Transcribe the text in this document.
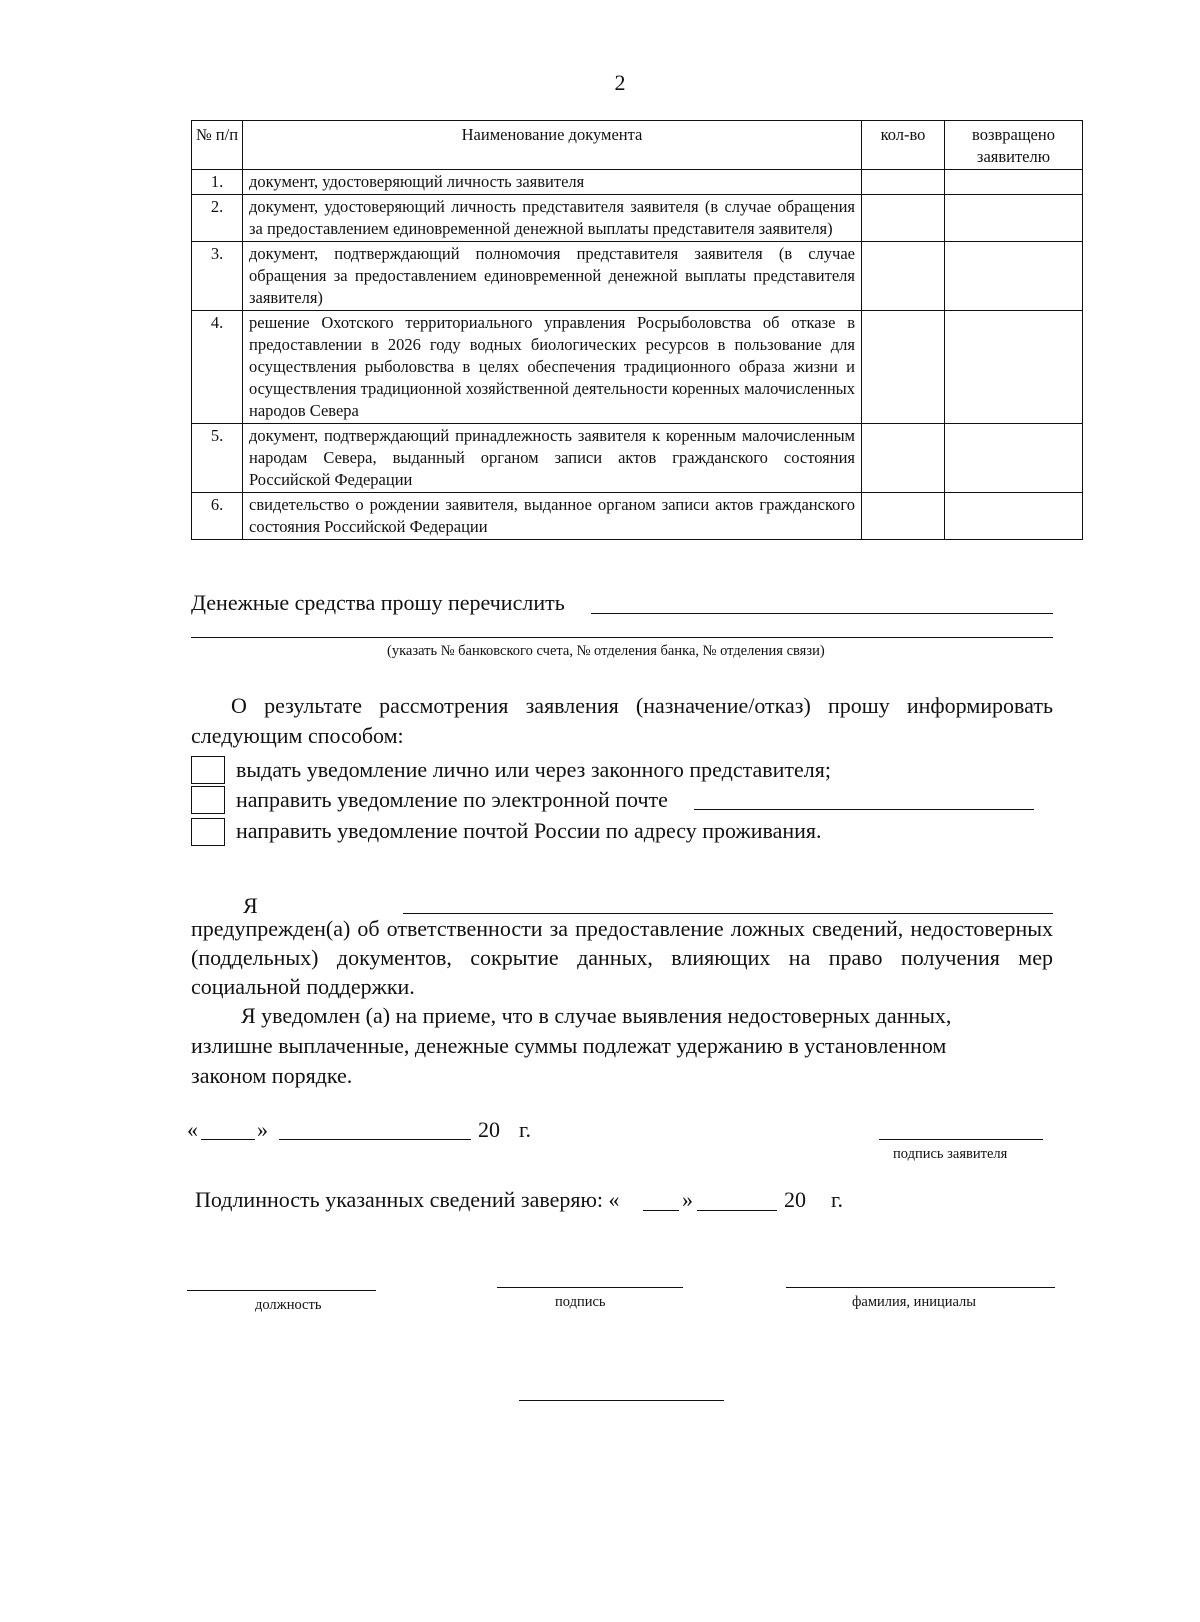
2
№ п/п	Наименование документа	кол-во	возвращено заявителю
1.	документ, удостоверяющий личность заявителя		
2.	документ, удостоверяющий личность представителя заявителя (в случае обращения за предоставлением единовременной денежной выплаты представителя заявителя)		
3.	документ, подтверждающий полномочия представителя заявителя (в случае обращения за предоставлением единовременной денежной выплаты представителя заявителя)		
4.	решение Охотского территориального управления Росрыболовства об отказе в предоставлении в 2026 году водных биологических ресурсов в пользование для осуществления рыболовства в целях обеспечения традиционного образа жизни и осуществления традиционной хозяйственной деятельности коренных малочисленных народов Севера		
5.	документ, подтверждающий принадлежность заявителя к коренным малочисленным народам Севера, выданный органом записи актов гражданского состояния Российской Федерации		
6.	свидетельство о рождении заявителя, выданное органом записи актов гражданского состояния Российской Федерации		
Денежные средства прошу перечислить
(указать № банковского счета, № отделения банка, № отделения связи)
О результате рассмотрения заявления (назначение/отказ) прошу информировать следующим способом:
выдать уведомление лично или через законного представителя;
направить уведомление по электронной почте
направить уведомление почтой России по адресу проживания.
Я
предупрежден(а) об ответственности за предоставление ложных сведений, недостоверных (поддельных) документов, сокрытие данных, влияющих на право получения мер социальной поддержки.
Я уведомлен (а) на приеме, что в случае выявления недостоверных данных, излишне выплаченные, денежные суммы подлежат удержанию в установленном законом порядке.
«	»	20 г.
подпись заявителя
Подлинность указанных сведений заверяю: «	»	20 г.
должность	подпись	фамилия, инициалы
